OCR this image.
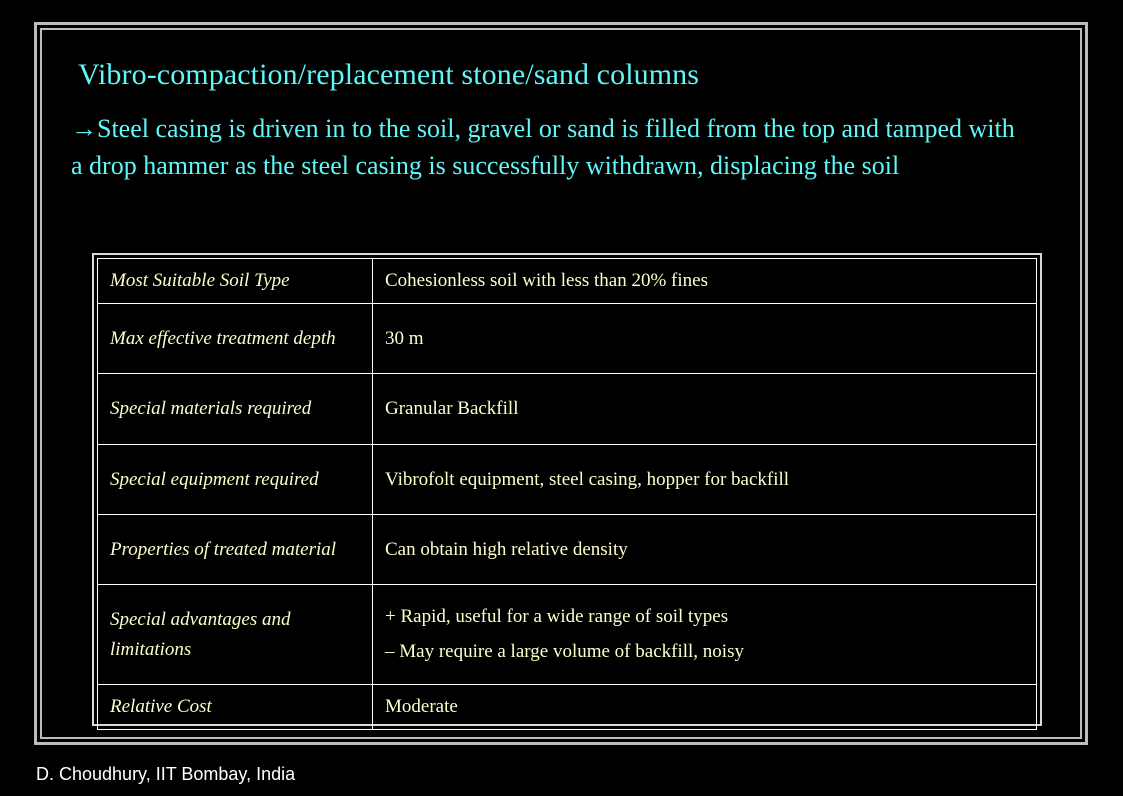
Vibro-compaction/replacement stone/sand columns
→Steel casing is driven in to the soil, gravel or sand is filled from the top and tamped with a drop hammer as the steel casing is successfully withdrawn, displacing the soil
Most Suitable Soil Type	Cohesionless soil with less than 20% fines

Max effective treatment depth	30 m

Special materials required	Granular Backfill

Special equipment required	Vibrofolt equipment, steel casing, hopper for backfill

Properties of treated material	Can obtain high relative density

Special advantages and limitations	+ Rapid, useful for a wide range of soil types
– May require a large volume of backfill, noisy

Relative Cost	Moderate
D. Choudhury, IIT Bombay, India
